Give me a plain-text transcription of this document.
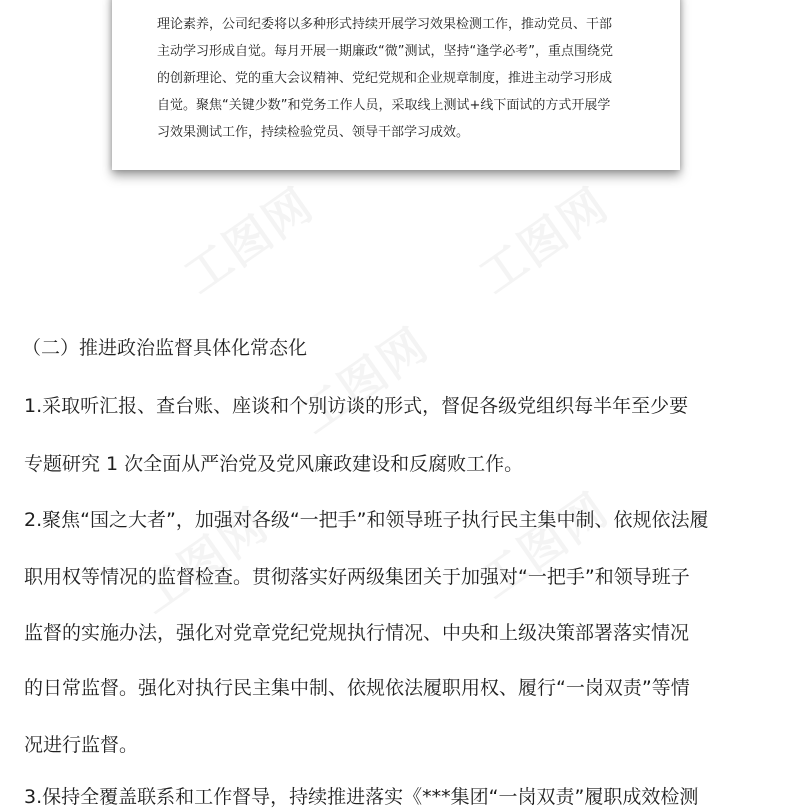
理论素养，公司纪委将以多种形式持续开展学习效果检测工作，推动党员、干部
主动学习形成自觉。每月开展一期廉政“微”测试，坚持“逢学必考”，重点围绕党
的创新理论、党的重大会议精神、党纪党规和企业规章制度，推进主动学习形成
自觉。聚焦“关键少数”和党务工作人员，采取线上测试+线下面试的方式开展学
习效果测试工作，持续检验党员、领导干部学习成效。
（二）推进政治监督具体化常态化
1.采取听汇报、查台账、座谈和个别访谈的形式，督促各级党组织每半年至少要
专题研究 1 次全面从严治党及党风廉政建设和反腐败工作。
2.聚焦“国之大者”，加强对各级“一把手”和领导班子执行民主集中制、依规依法履
职用权等情况的监督检查。贯彻落实好两级集团关于加强对“一把手”和领导班子
监督的实施办法，强化对党章党纪党规执行情况、中央和上级决策部署落实情况
的日常监督。强化对执行民主集中制、依规依法履职用权、履行“一岗双责”等情
况进行监督。
3.保持全覆盖联系和工作督导，持续推进落实《***集团“一岗双责”履职成效检测
